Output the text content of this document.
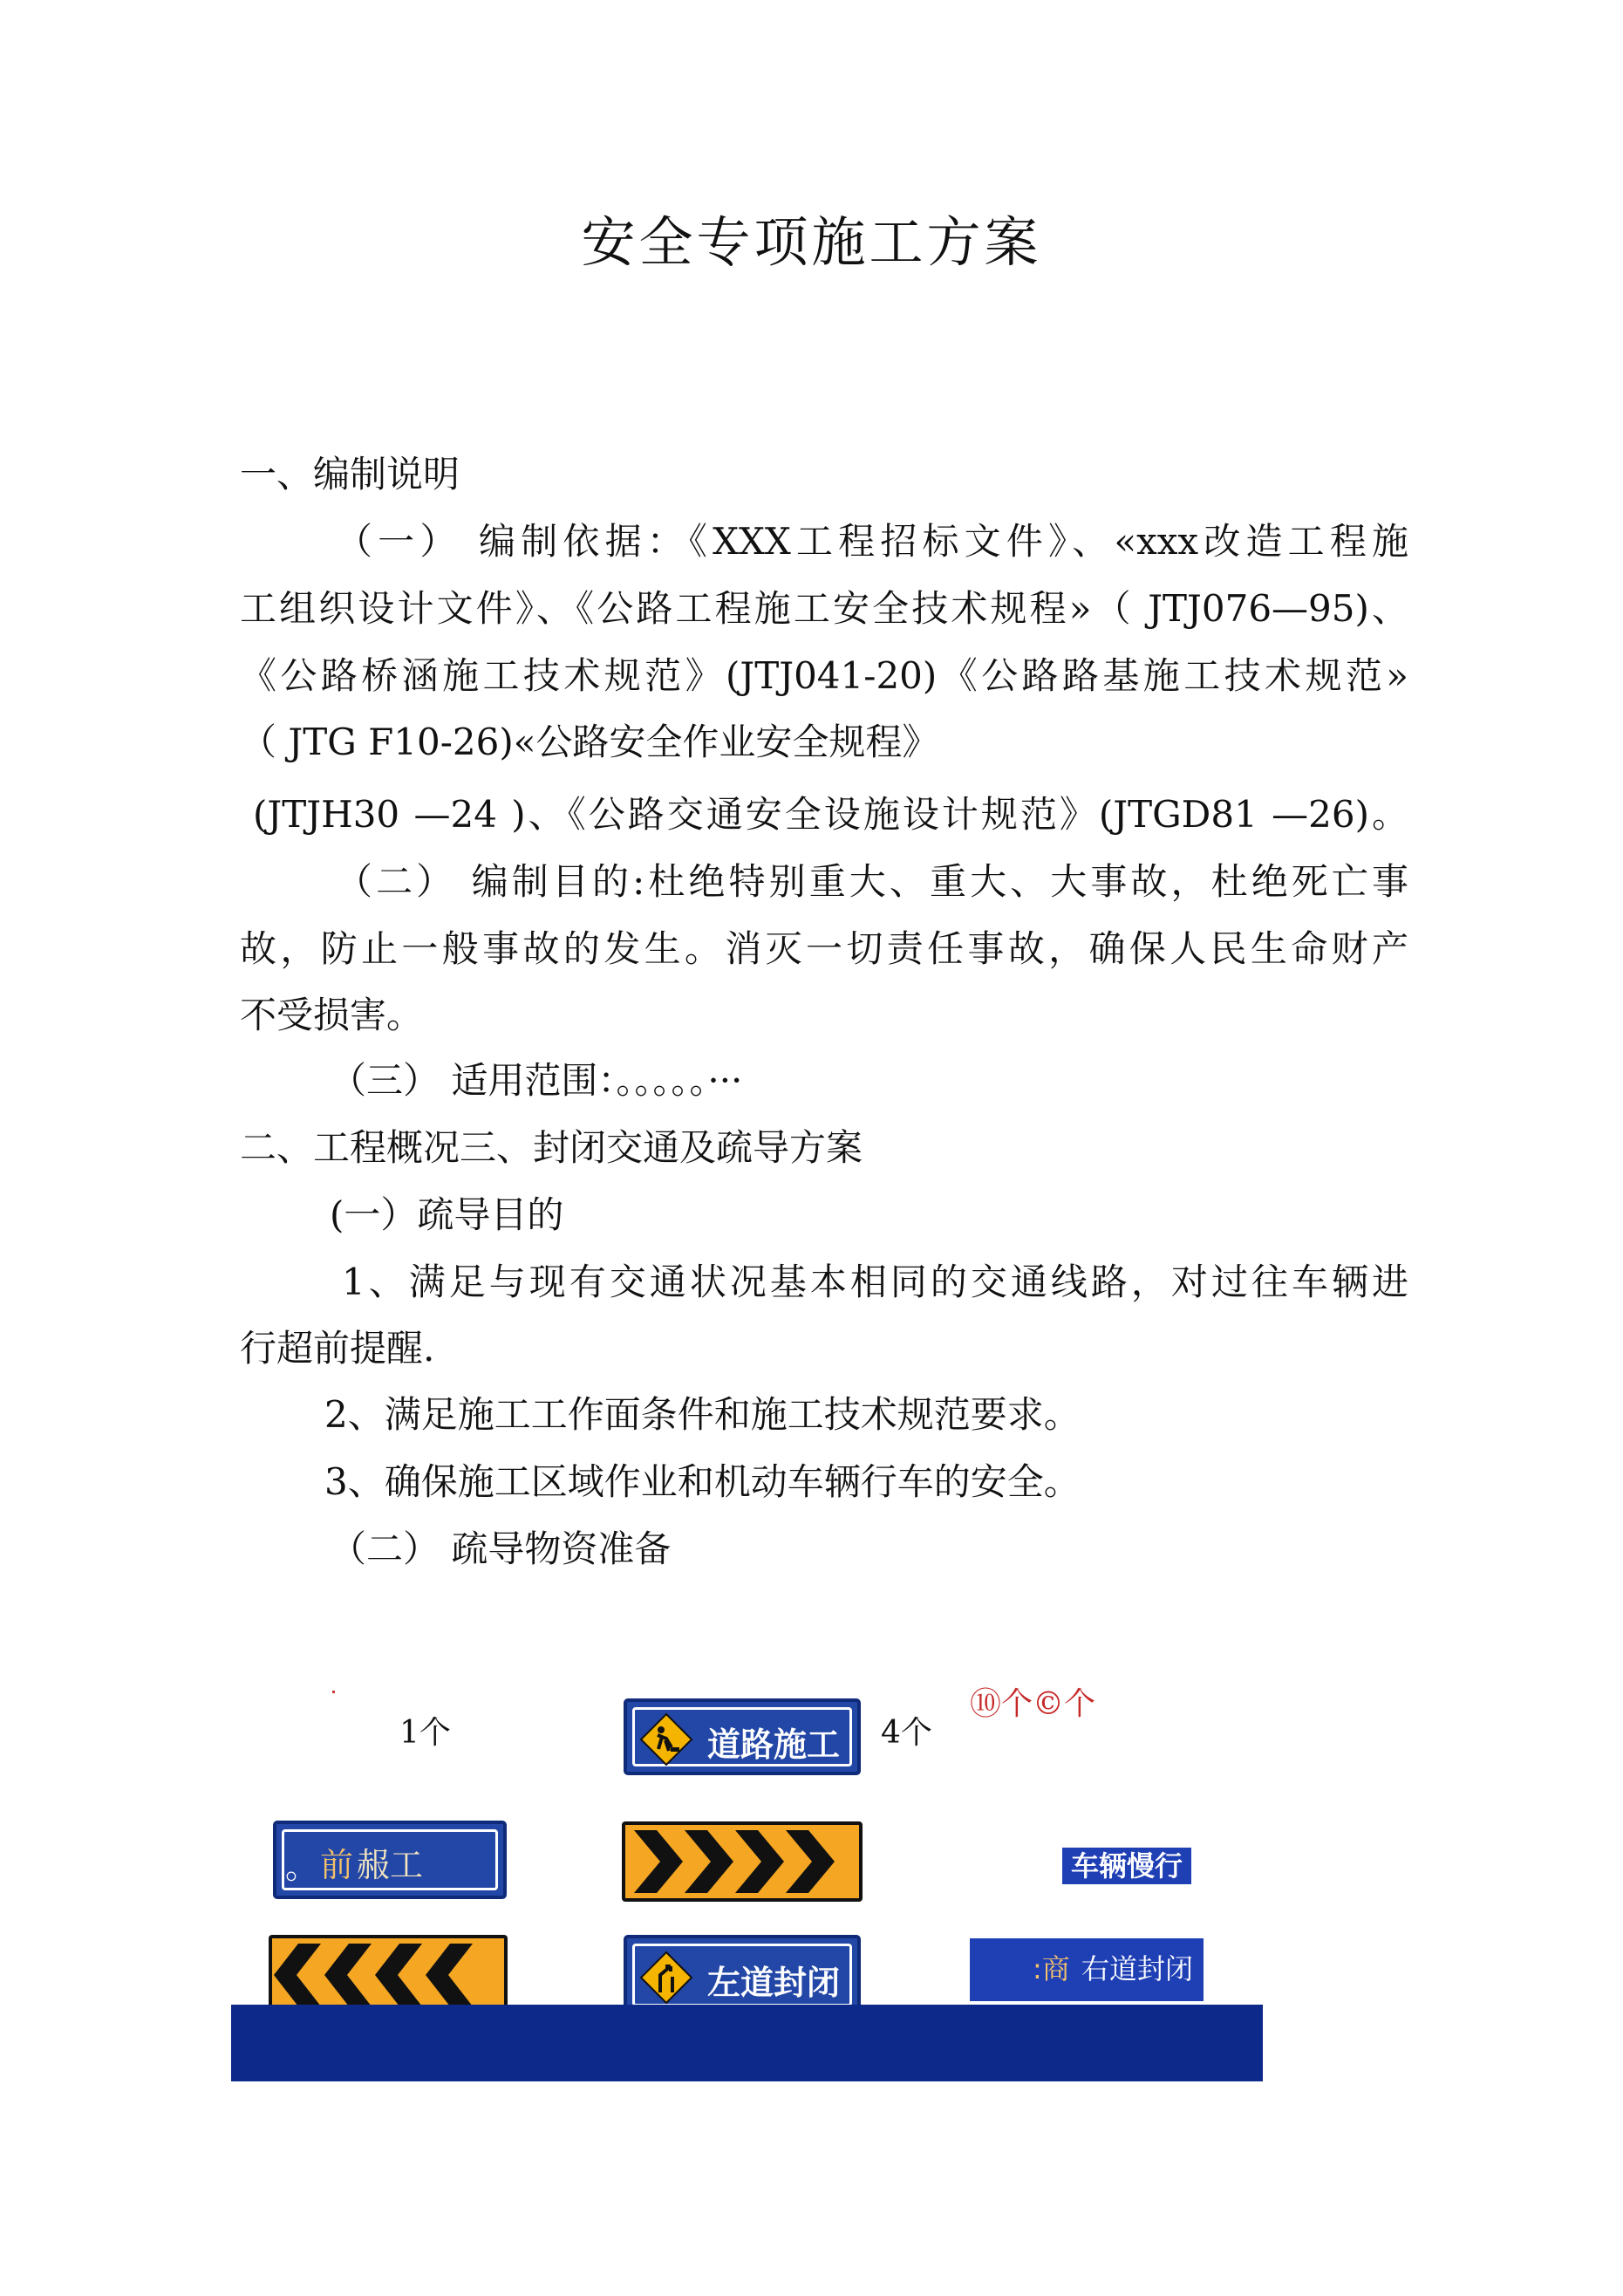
安全专项施工方案
一、编制说明
（一） 编制依据：《XXX工程招标文件》、«xxx改造工程施
工组织设计文件》、《公路工程施工安全技术规程»（ JTJ076—95)、
《公路桥涵施工技术规范》(JTJ041-20)《公路路基施工技术规范»
（ JTG F10-26)«公路安全作业安全规程》
(JTJH30 —24 )、《公路交通安全设施设计规范》(JTGD81 —26)。
（二） 编制目的:杜绝特别重大、重大、大事故，杜绝死亡事
故，防止一般事故的发生。消灭一切责任事故，确保人民生命财产
不受损害。
（三） 适用范围：。。。。。···
二、工程概况三、封闭交通及疏导方案
(一）疏导目的
1、满足与现有交通状况基本相同的交通线路，对过往车辆进
行超前提醒.
2、满足施工工作面条件和施工技术规范要求。
3、确保施工区域作业和机动车辆行车的安全。
（二） 疏导物资准备
1个	道路施工 4个
⑩个©个
。 前 赧工	车辆慢行
左道封闭	:商 右道封闭
